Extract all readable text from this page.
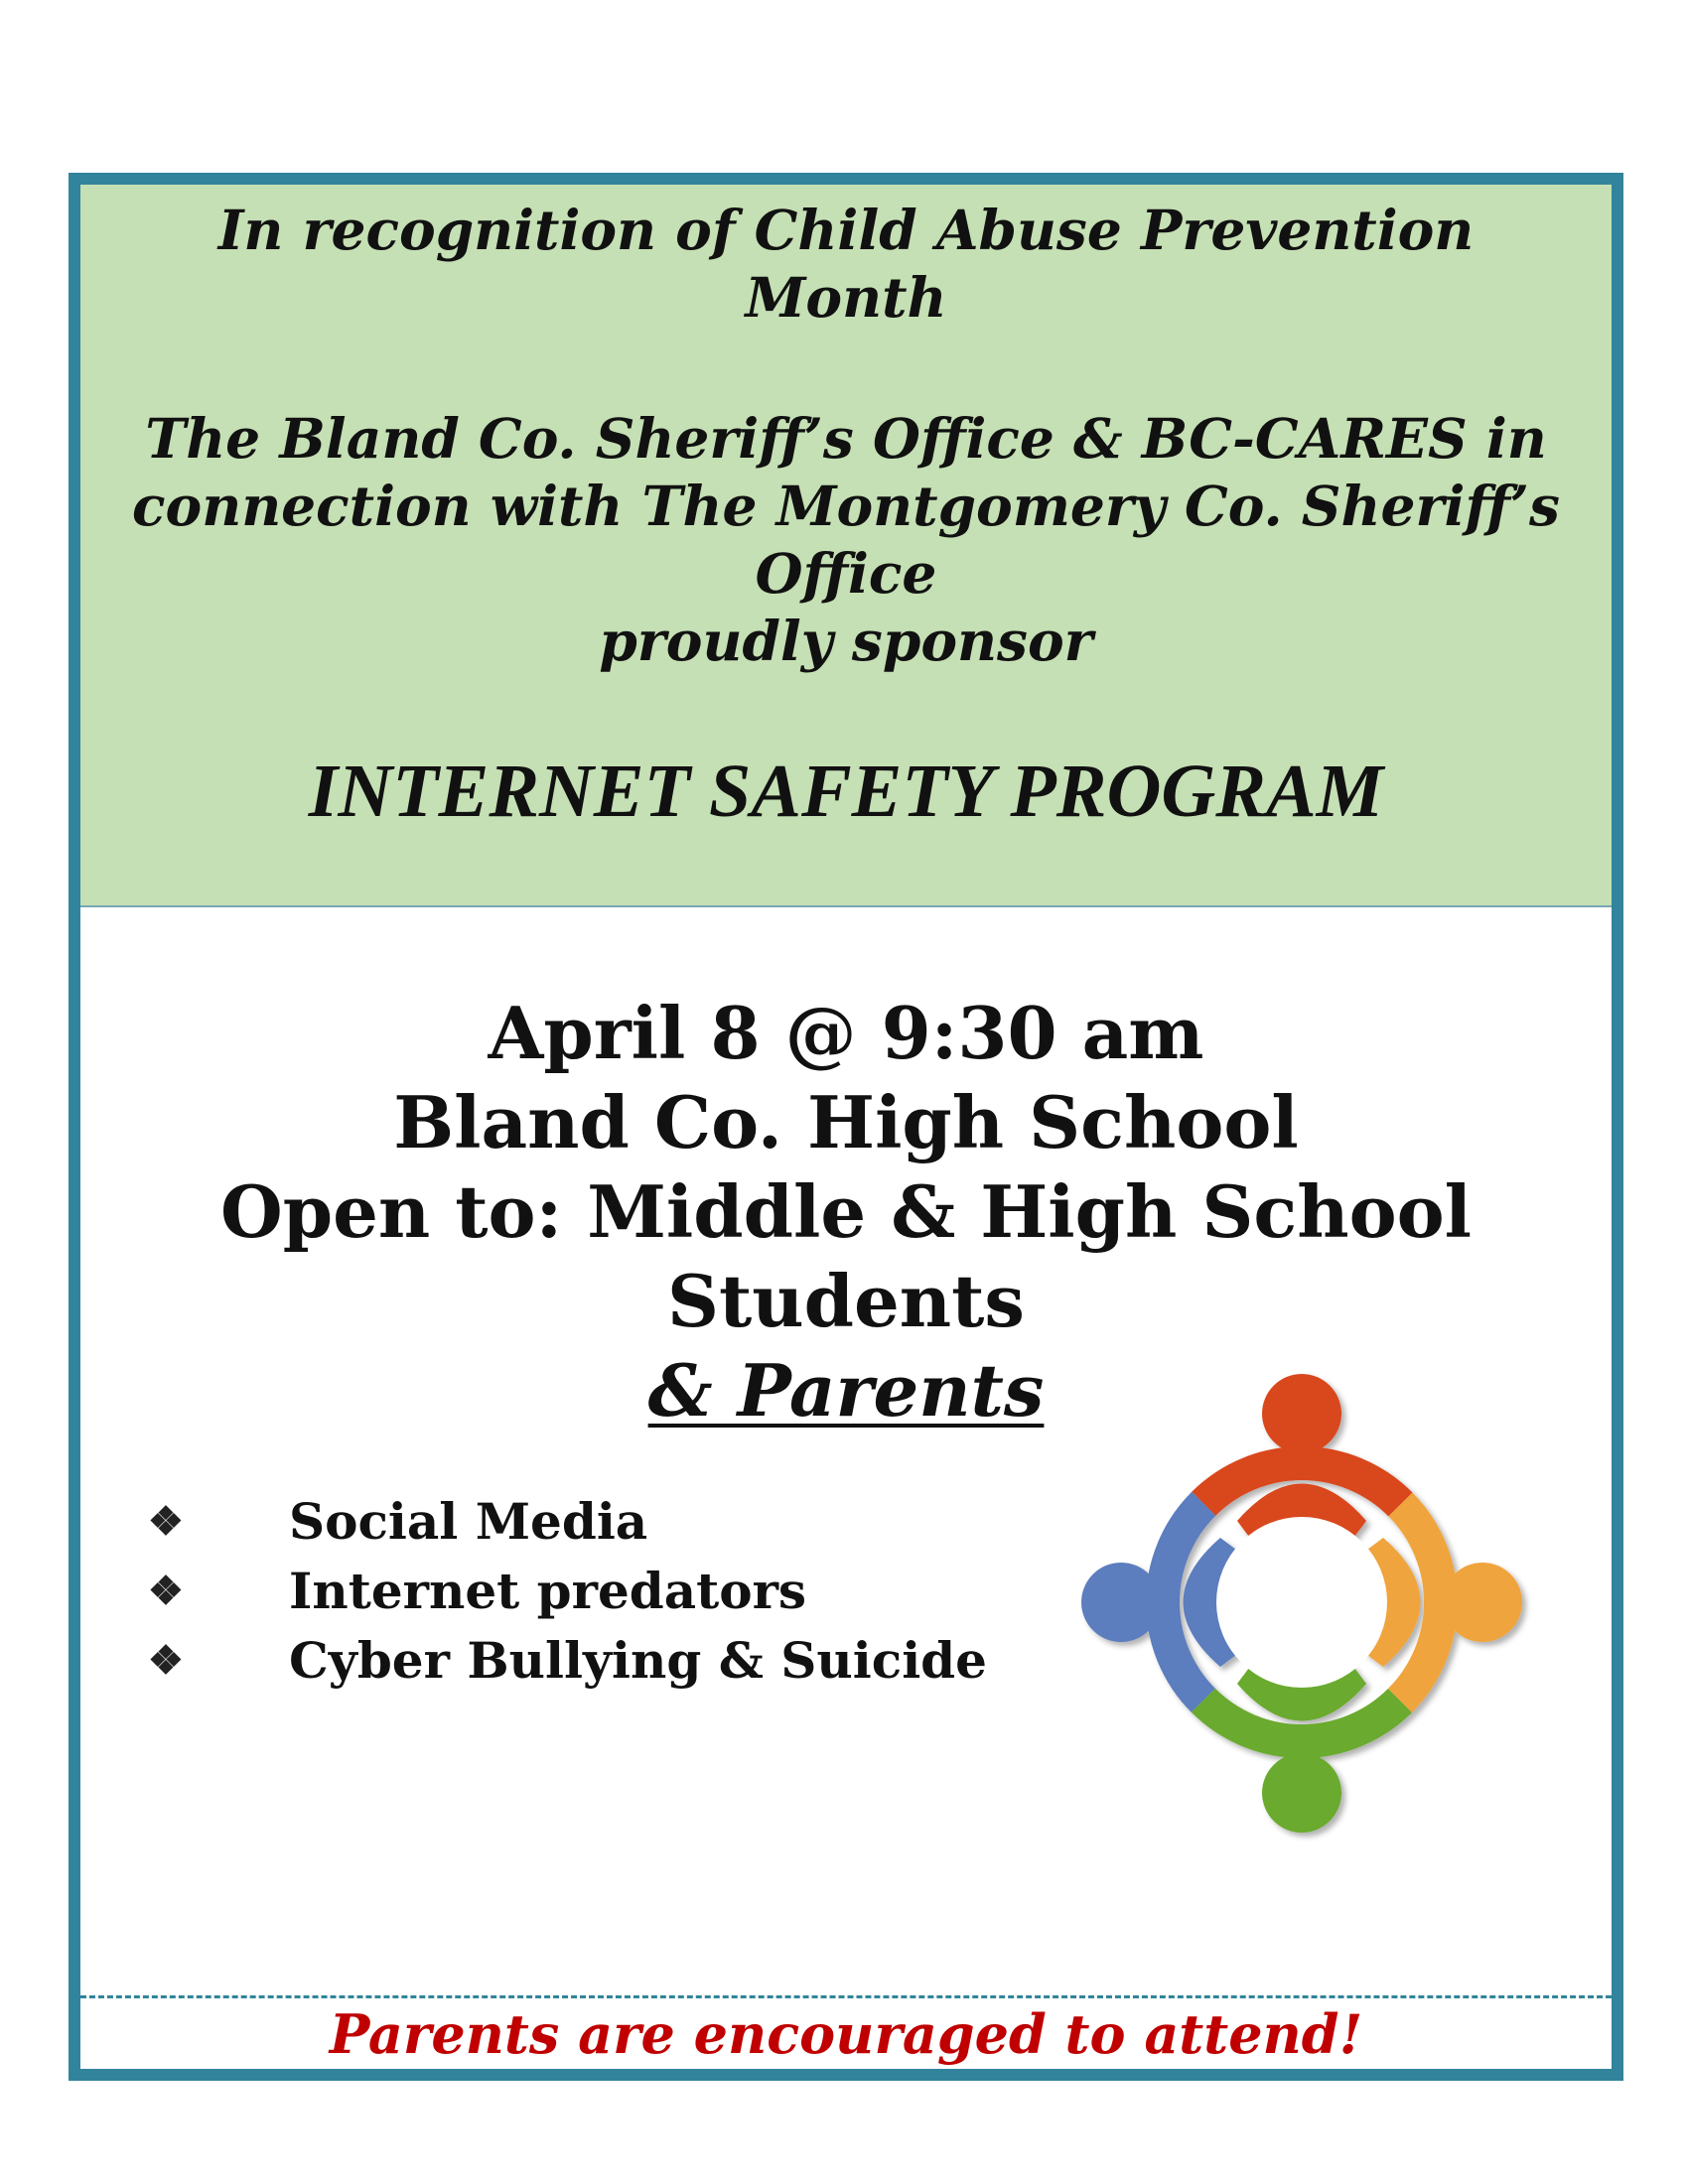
In recognition of Child Abuse Prevention
Month
The Bland Co. Sheriff’s Office & BC-CARES in
connection with The Montgomery Co. Sheriff’s
Office
proudly sponsor
INTERNET SAFETY PROGRAM
April 8 @ 9:30 am
Bland Co. High School
Open to: Middle & High School
Students
& Parents
❖ Social Media
❖ Internet predators
❖ Cyber Bullying & Suicide
Parents are encouraged to attend!
